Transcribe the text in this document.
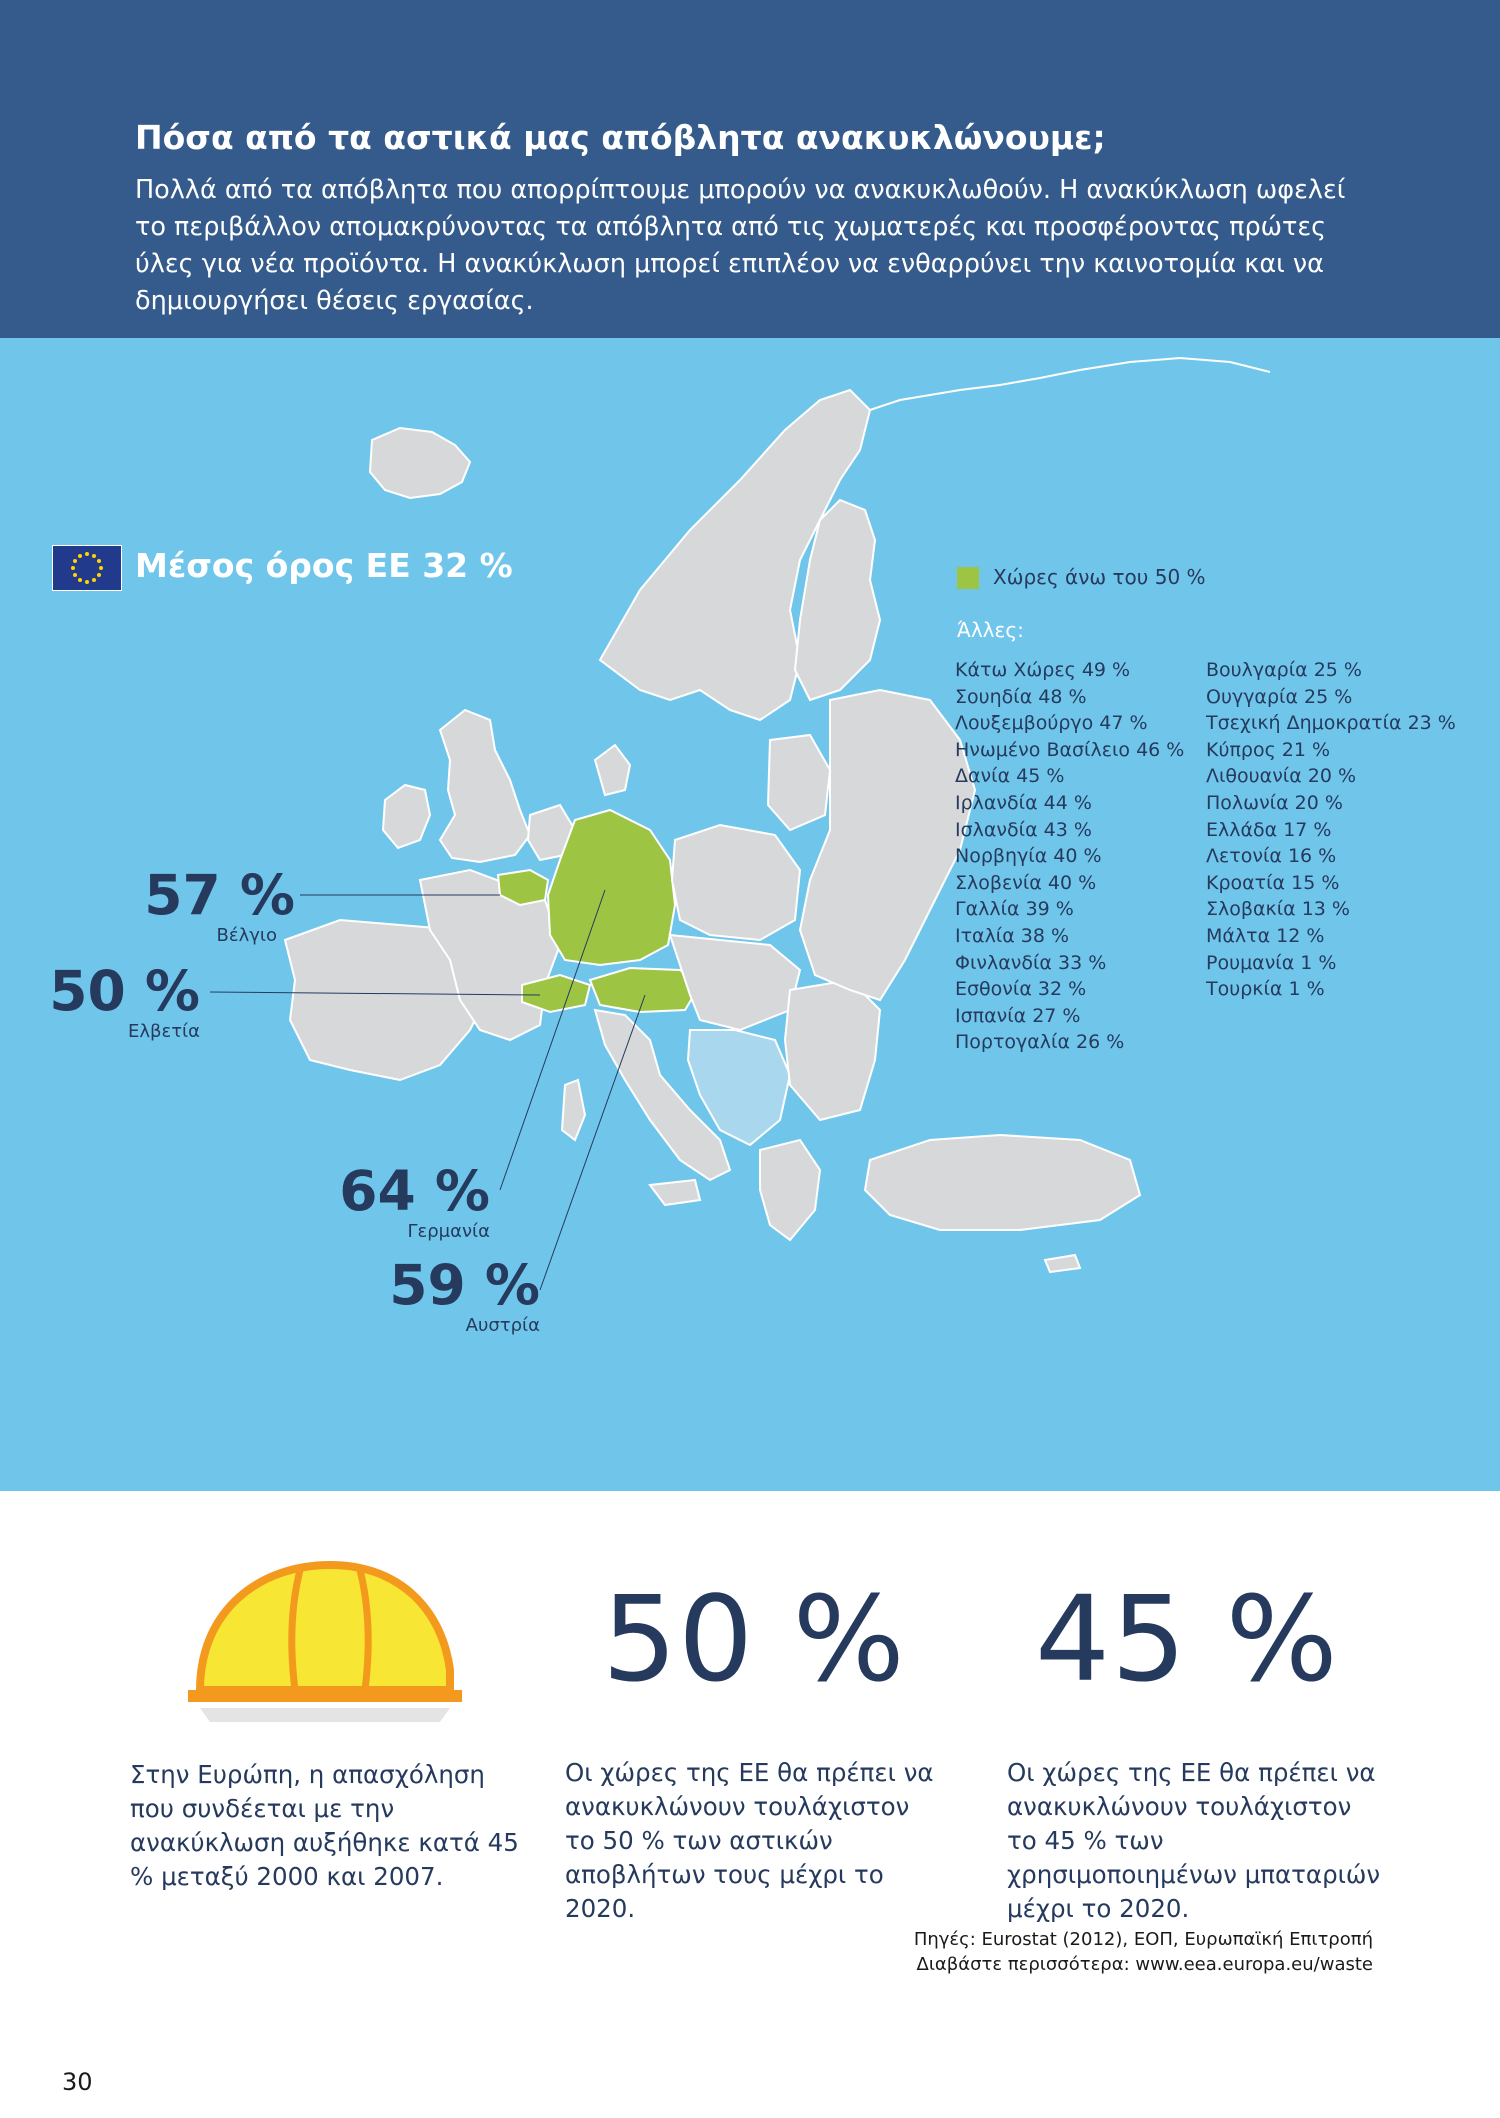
Πόσα από τα αστικά μας απόβλητα ανακυκλώνουμε;

Πολλά από τα απόβλητα που απορρίπτουμε μπορούν να ανακυκλωθούν. Η ανακύκλωση ωφελεί το περιβάλλον απομακρύνοντας τα απόβλητα από τις χωματερές και προσφέροντας πρώτες ύλες για νέα προϊόντα. Η ανακύκλωση μπορεί επιπλέον να ενθαρρύνει την καινοτομία και να δημιουργήσει θέσεις εργασίας.

Μέσος όρος ΕΕ 32 %	Χώρες άνω του 50 %
Άλλες:
Κάτω Χώρες 49 %
Σουηδία 48 %
Λουξεμβούργο 47 %
Ηνωμένο Βασίλειο 46 %
Δανία 45 %
Ιρλανδία 44 %
Ισλανδία 43 %
Νορβηγία 40 %
Σλοβενία 40 %
Γαλλία 39 %
Ιταλία 38 %
Φινλανδία 33 %
Εσθονία 32 %
Ισπανία 27 %
Πορτογαλία 26 %
Βουλγαρία 25 %
Ουγγαρία 25 %
Τσεχική Δημοκρατία 23 %
Κύπρος 21 %
Λιθουανία 20 %
Πολωνία 20 %
Ελλάδα 17 %
Λετονία 16 %
Κροατία 15 %
Σλοβακία 13 %
Μάλτα 12 %
Ρουμανία 1 %
Τουρκία 1 %
57 %
Βέλγιο
50 %
Ελβετία
64 %
Γερμανία
59 %
Αυστρία

Στην Ευρώπη, η απασχόληση που συνδέεται με την ανακύκλωση αυξήθηκε κατά 45 % μεταξύ 2000 και 2007.

50 %

Οι χώρες της ΕΕ θα πρέπει να ανακυκλώνουν τουλάχιστον το 50 % των αστικών αποβλήτων τους μέχρι το 2020.

45 %

Οι χώρες της ΕΕ θα πρέπει να ανακυκλώνουν τουλάχιστον το 45 % των χρησιμοποιημένων μπαταριών μέχρι το 2020.

Πηγές: Eurostat (2012), ΕΟΠ, Ευρωπαϊκή Επιτροπή
Διαβάστε περισσότερα: www.eea.europa.eu/waste
30
